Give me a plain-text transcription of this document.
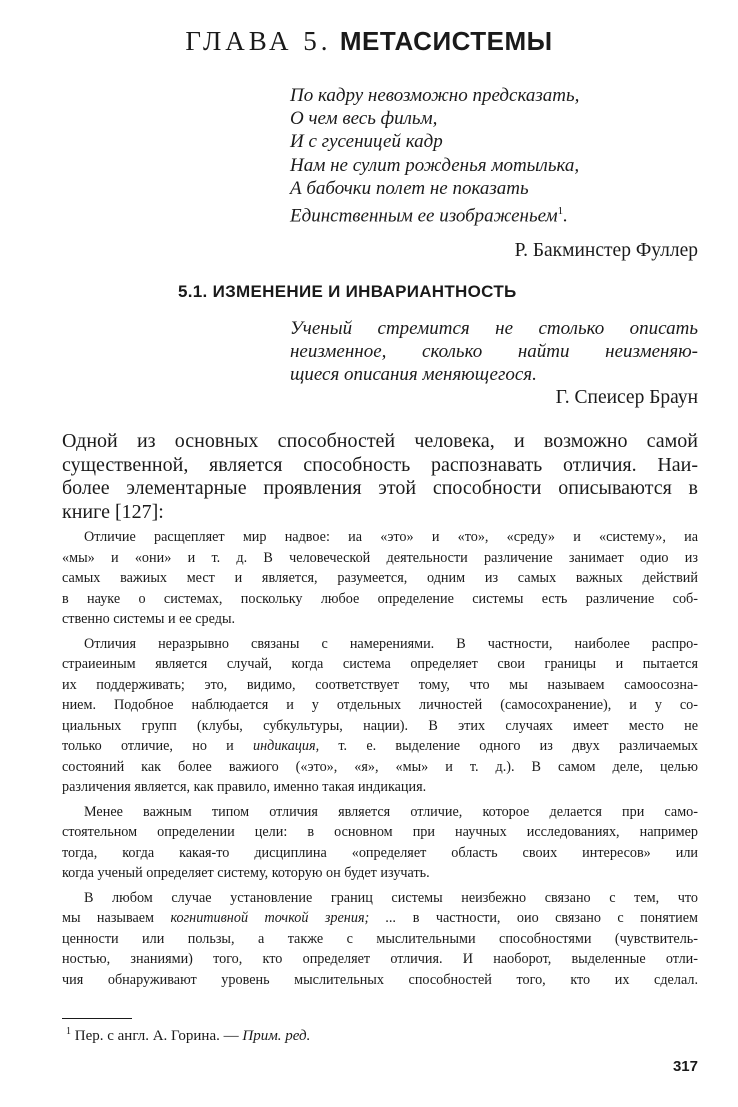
ГЛАВА 5. МЕТАСИСТЕМЫ
По кадру невозможно предсказать,
О чем весь фильм,
И с гусеницей кадр
Нам не сулит рожденья мотылька,
А бабочки полет не показать
Единственным ее изображеньем$^1$.
Р. Бакминстер Фуллер
5.1. ИЗМЕНЕНИЕ И ИНВАРИАНТНОСТЬ
Ученый стремится не столько описать
неизменное, сколько найти неизменяю-
щиеся описания меняющегося.
Г. Спеисер Браун
Одной из основных способностей человека, и возможно самой
существенной, является способность распознавать отличия. Наи-
более элементарные проявления этой способности описываются в
книге [127]:
Отличие расщепляет мир надвое: иа «это» и «то», «среду» и «систему», иа
«мы» и «они» и т. д. В человеческой деятельности различение занимает одио из
самых важиых мест и является, разумеется, одним из самых важных действий
в науке о системах, поскольку любое определение системы есть различение соб-
ственно системы и ее среды.
Отличия неразрывно связаны с намерениями. В частности, наиболее распро-
страиеиным является случай, когда система определяет свои границы и пытается
их поддерживать; это, видимо, соответствует тому, что мы называем самоосозна-
нием. Подобное наблюдается и у отдельных личностей (самосохранение), и у со-
циальных групп (клубы, субкультуры, нации). В этих случаях имеет место не
только отличие, но и индикация, т. е. выделение одного из двух различаемых
состояний как более важиого («это», «я», «мы» и т. д.). В самом деле, целью
различения является, как правило, именно такая индикация.
Менее важным типом отличия является отличие, которое делается при само-
стоятельном определении цели: в основном при научных исследованиях, например
тогда, когда какая-то дисциплина «определяет область своих интересов» или
когда ученый определяет систему, которую он будет изучать.
В любом случае установление границ системы неизбежно связано с тем, что
мы называем когнитивной точкой зрения; ... в частности, оио связано с понятием
ценности или пользы, а также с мыслительными способностями (чувствитель-
ностью, знаниями) того, кто определяет отличия. И наоборот, выделенные отли-
чия обнаруживают уровень мыслительных способностей того, кто их сделал.
$^1$ Пер. с англ. А. Горина. — Прим. ред.
317
